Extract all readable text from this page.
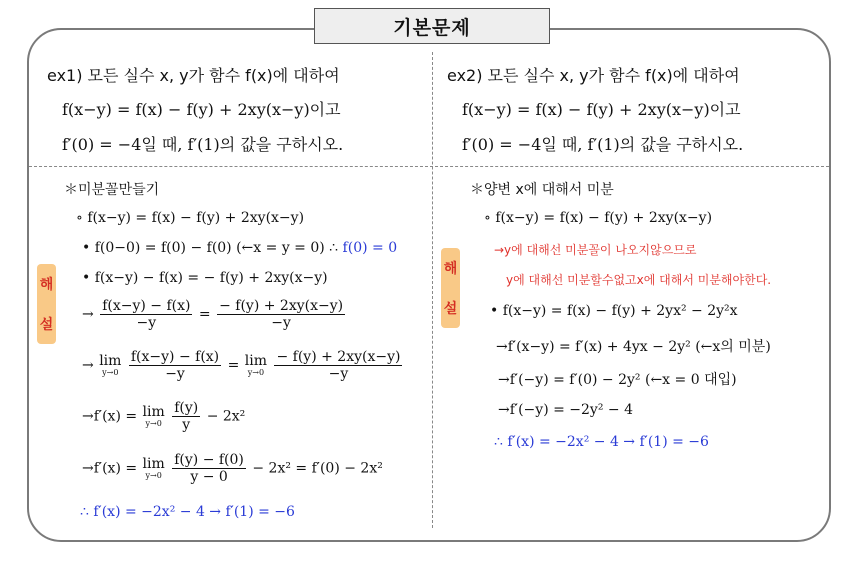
기본문제
ex1) 모든 실수 x, y가 함수 f(x)에 대하여
f(x−y) = f(x) − f(y) + 2xy(x−y)이고
f′(0) = −4일 때, f′(1)의 값을 구하시오.
ex2) 모든 실수 x, y가 함수 f(x)에 대하여
f(x−y) = f(x) − f(y) + 2xy(x−y)이고
f′(0) = −4일 때, f′(1)의 값을 구하시오.
해
설
해
설
＊미분꼴만들기
∘ f(x−y) = f(x) − f(y) + 2xy(x−y)
• f(0−0) = f(0) − f(0) (←x = y = 0) ∴ f(0) = 0
• f(x−y) − f(x) = − f(y) + 2xy(x−y)
→ $\frac{f(x-y) - f(x)}{-y} = \frac{- f(y) + 2xy(x-y)}{-y}$
→ lim
y→0
$\frac{f(x-y) - f(x)}{-y} = \lim$
y→0
$\frac{- f(y) + 2xy(x-y)}{-y}$
→f′(x) = lim
y→0
$\frac{f(y)}{y} - 2x^2$
→f′(x) = lim
y→0
$\frac{f(y) - f(0)}{y - 0} - 2x^2 = f'(0) - 2x^2$
∴ f′(x) = −2x² − 4 → f′(1) = −6
＊양변 x에 대해서 미분
∘ f(x−y) = f(x) − f(y) + 2xy(x−y)
→y에 대해선 미분꼴이 나오지않으므로
y에 대해선 미분할수없고x에 대해서 미분해야한다.
• f(x−y) = f(x) − f(y) + 2yx² − 2y²x
→f′(x−y) = f′(x) + 4yx − 2y² (←x의 미분)
→f′(−y) = f′(0) − 2y² (←x = 0 대입)
→f′(−y) = −2y² − 4
∴ f′(x) = −2x² − 4 → f′(1) = −6
